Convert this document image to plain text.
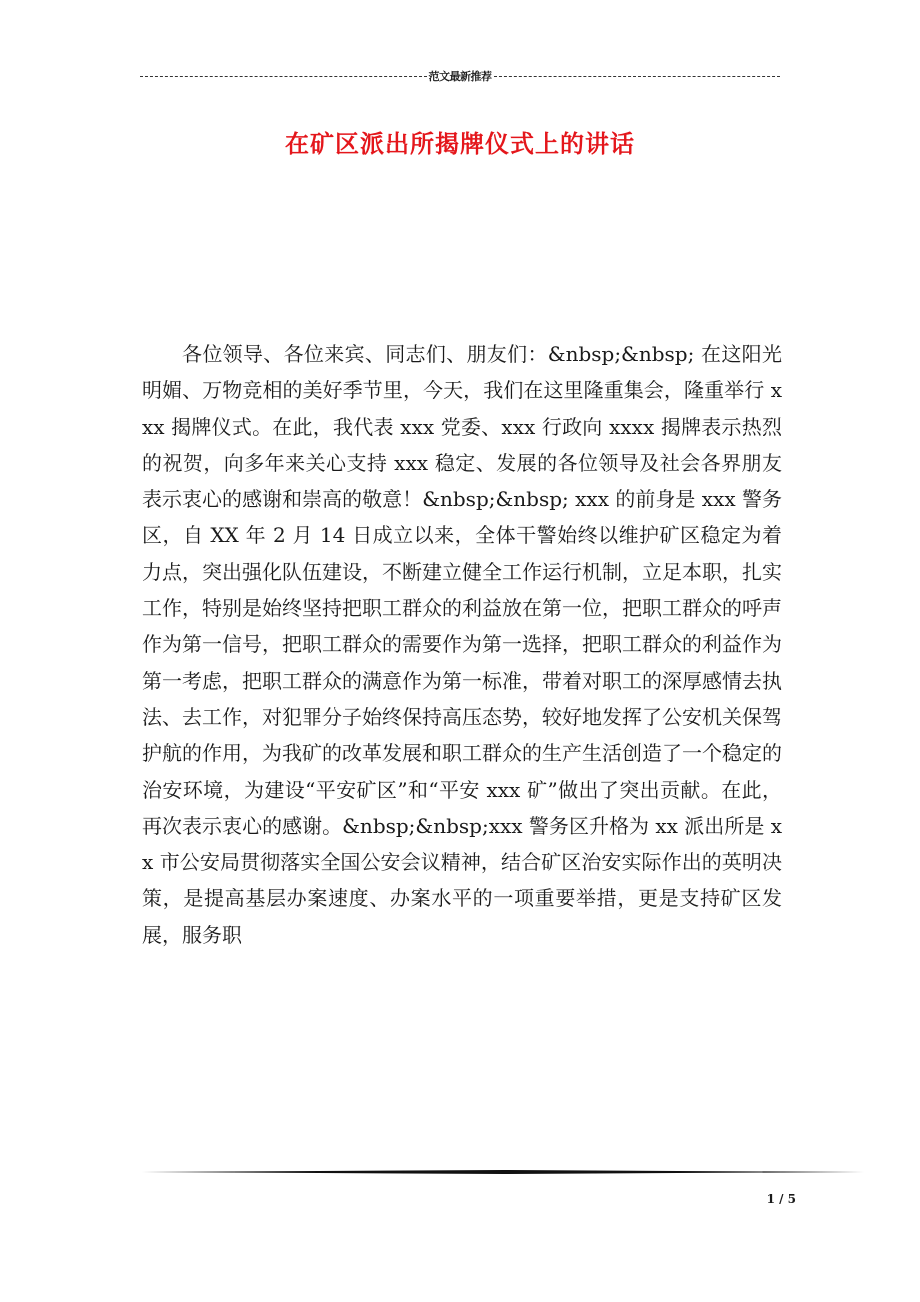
范文最新推荐
在矿区派出所揭牌仪式上的讲话

各位领导、各位来宾、同志们、朋友们：&nbsp;&nbsp; 在这阳光明媚、万物竞相的美好季节里，今天，我们在这里隆重集会，隆重举行 xxx 揭牌仪式。在此，我代表 xxx 党委、xxx 行政向 xxxx 揭牌表示热烈的祝贺，向多年来关心支持 xxx 稳定、发展的各位领导及社会各界朋友表示衷心的感谢和崇高的敬意！&nbsp;&nbsp; xxx 的前身是 xxx 警务区，自 XX 年 2 月 14 日成立以来，全体干警始终以维护矿区稳定为着力点，突出强化队伍建设，不断建立健全工作运行机制，立足本职，扎实工作，特别是始终坚持把职工群众的利益放在第一位，把职工群众的呼声作为第一信号，把职工群众的需要作为第一选择，把职工群众的利益作为第一考虑，把职工群众的满意作为第一标准，带着对职工的深厚感情去执法、去工作，对犯罪分子始终保持高压态势，较好地发挥了公安机关保驾护航的作用，为我矿的改革发展和职工群众的生产生活创造了一个稳定的治安环境，为建设“平安矿区”和“平安 xxx 矿”做出了突出贡献。在此，再次表示衷心的感谢。&nbsp;&nbsp;xxx 警务区升格为 xx 派出所是 xx 市公安局贯彻落实全国公安会议精神，结合矿区治安实际作出的英明决策，是提高基层办案速度、办案水平的一项重要举措，更是支持矿区发展，服务职

1 / 5
